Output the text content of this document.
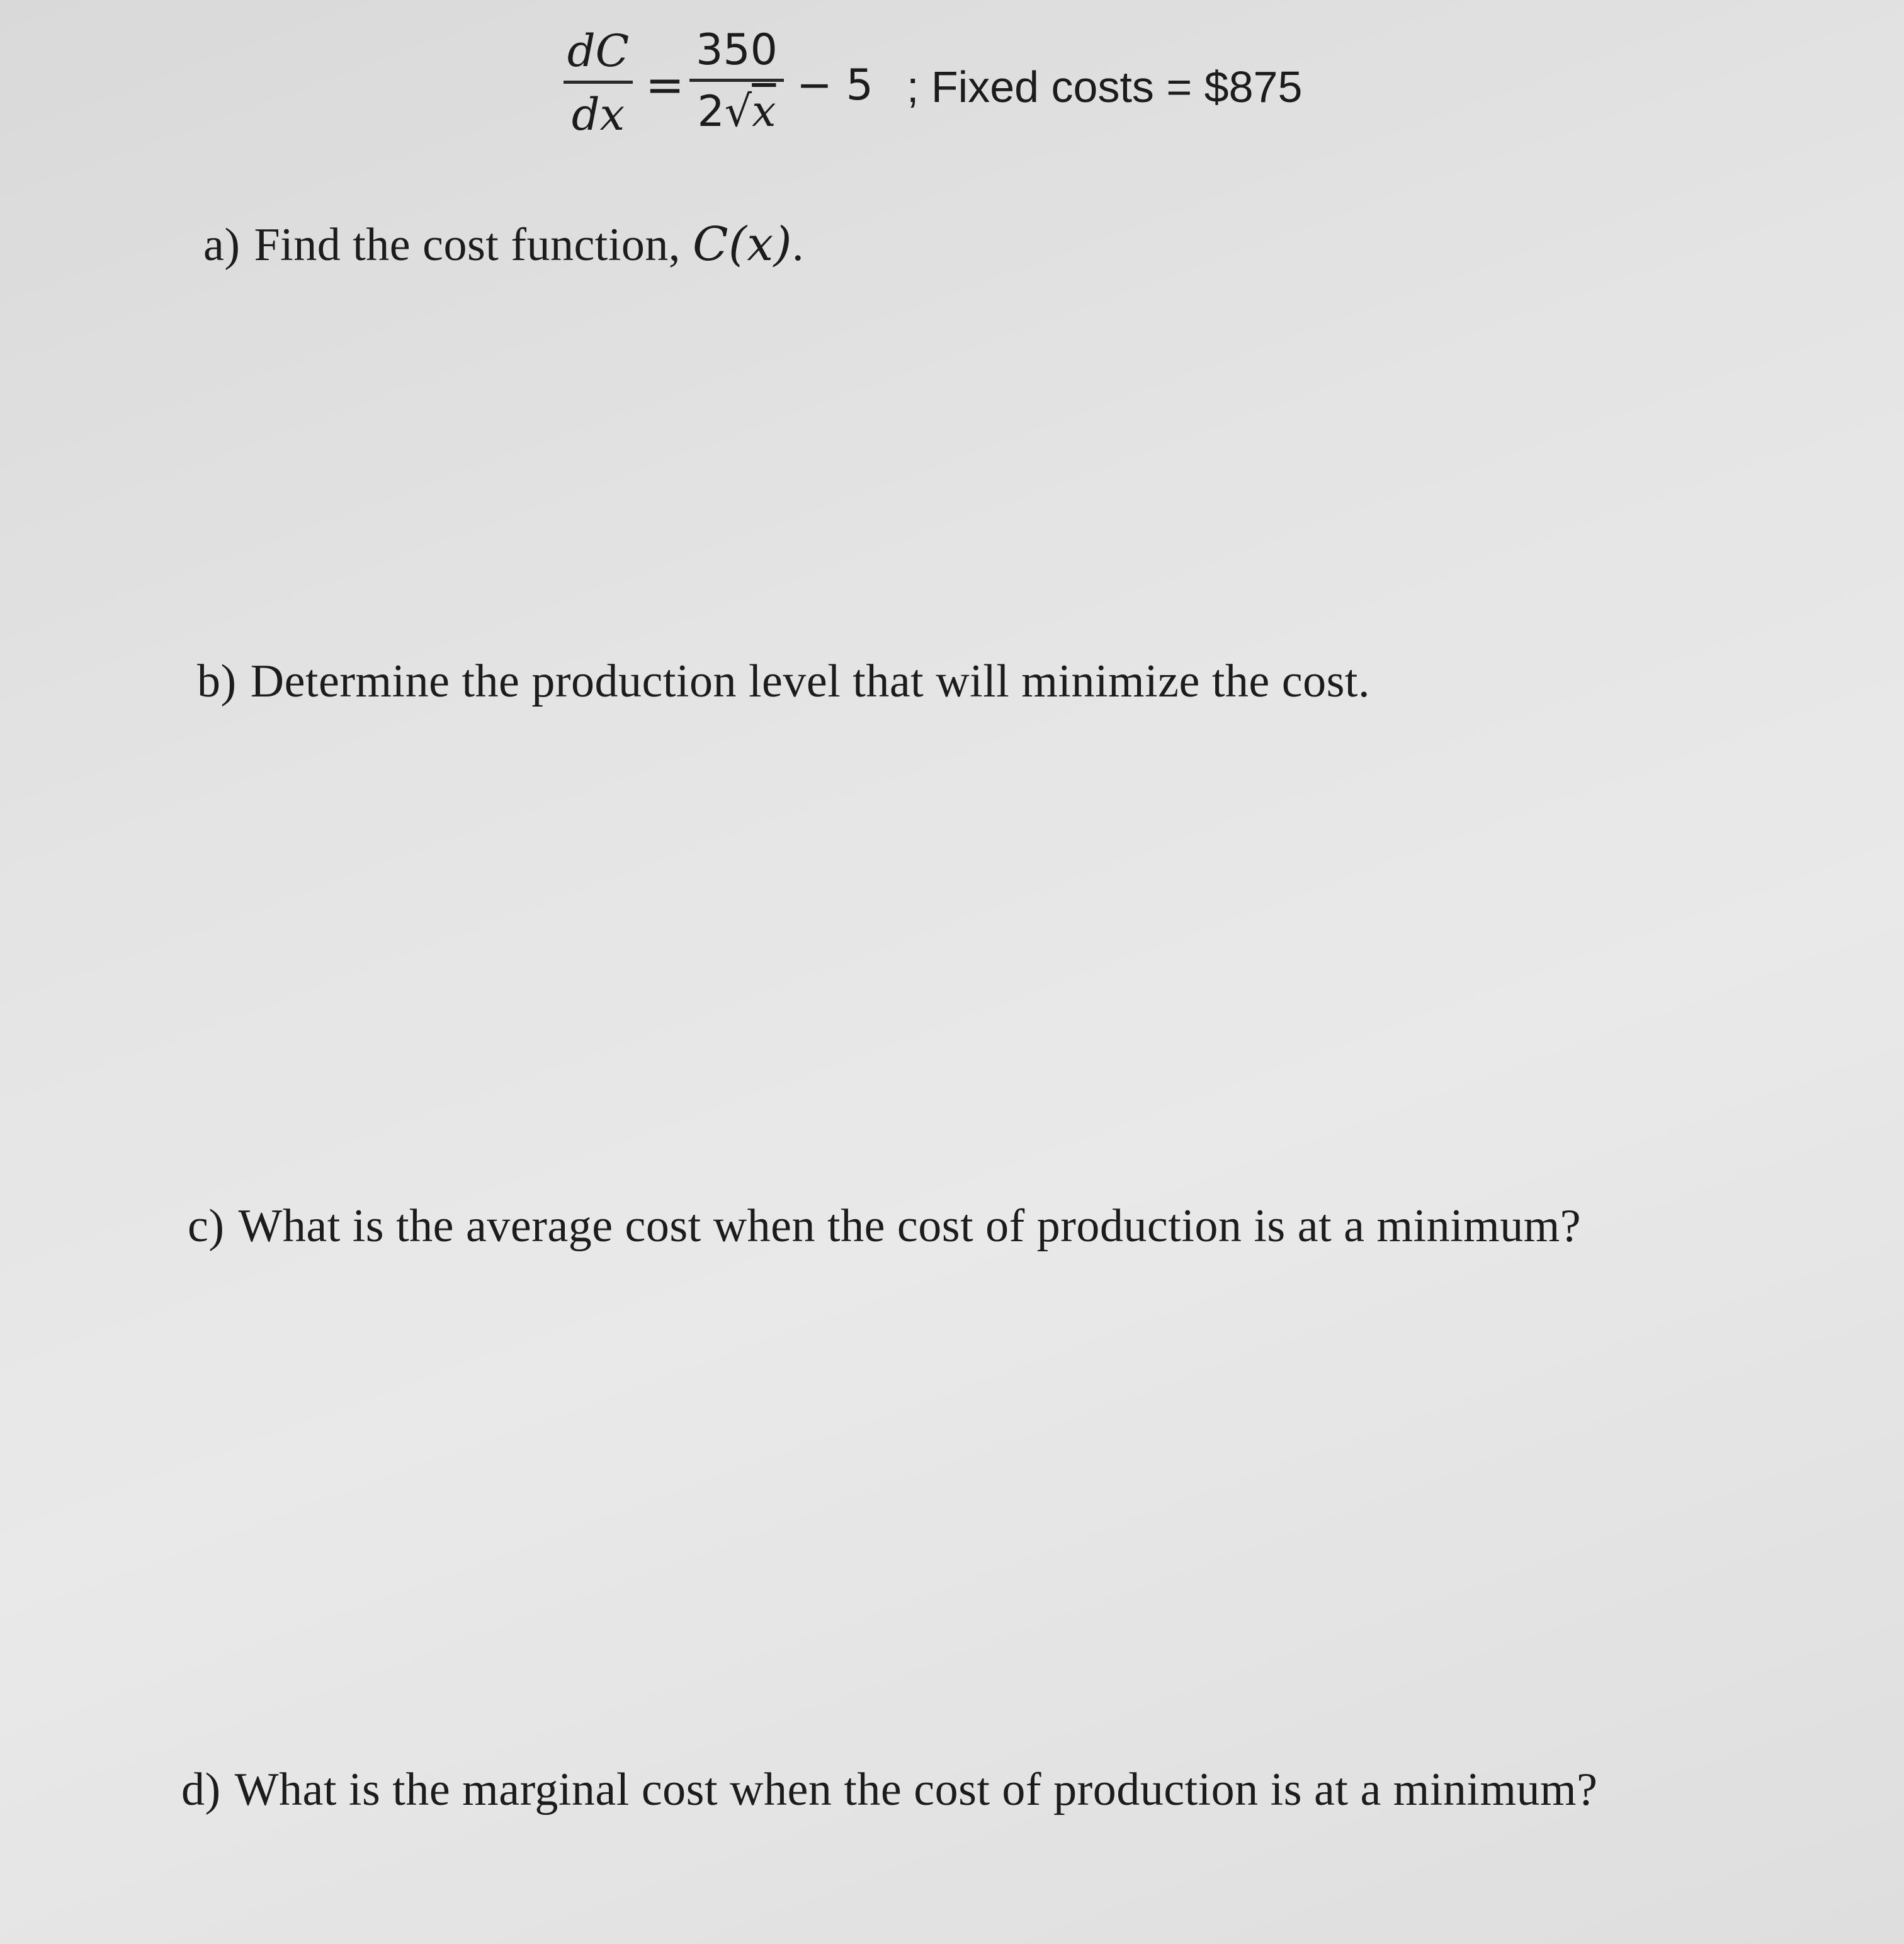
dC
dx
=
350
2√x
− 5 ; Fixed costs = $875
a) Find the cost function, C(x).
b) Determine the production level that will minimize the cost.
c) What is the average cost when the cost of production is at a minimum?
d) What is the marginal cost when the cost of production is at a minimum?
